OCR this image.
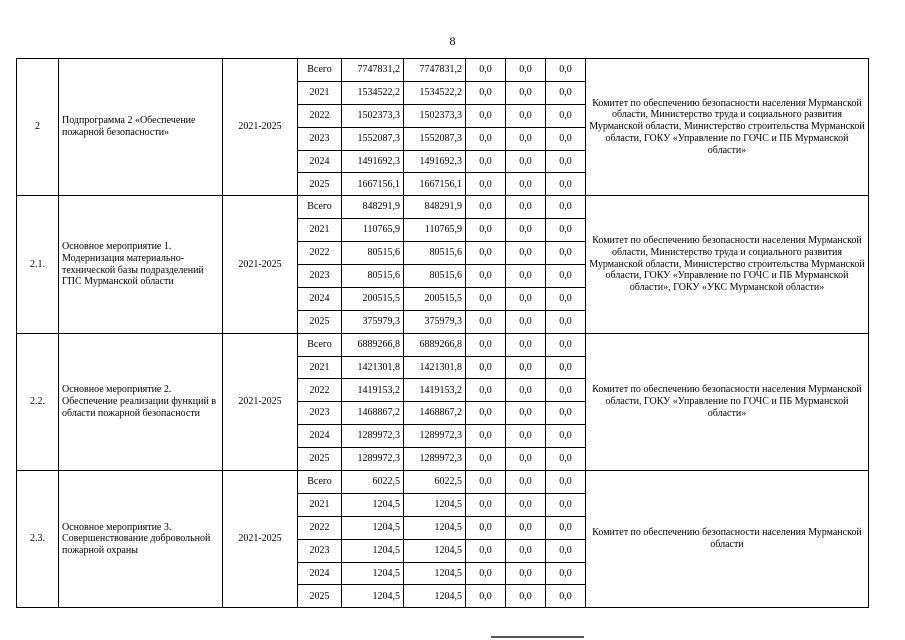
8
2	Подпрограмма 2 «Обеспечение пожарной безопасности»	2021-2025	Всего	7747831,2	7747831,2	0,0	0,0	0,0	Комитет по обеспечению безопасности населения Мурманской области, Министерство труда и социального развития Мурманской области, Министерство строительства Мурманской области, ГОКУ «Управление по ГОЧС и ПБ Мурманской области»
			2021	1534522,2	1534522,2	0,0	0,0	0,0	
			2022	1502373,3	1502373,3	0,0	0,0	0,0	
			2023	1552087,3	1552087,3	0,0	0,0	0,0	
			2024	1491692,3	1491692,3	0,0	0,0	0,0	
			2025	1667156,1	1667156,1	0,0	0,0	0,0	
2.1.	Основное мероприятие 1. Модернизация материально-технической базы подразделений ГПС Мурманской области	2021-2025	Всего	848291,9	848291,9	0,0	0,0	0,0	Комитет по обеспечению безопасности населения Мурманской области, Министерство труда и социального развития Мурманской области, Министерство строительства Мурманской области, ГОКУ «Управление по ГОЧС и ПБ Мурманской области», ГОКУ «УКС Мурманской области»
			2021	110765,9	110765,9	0,0	0,0	0,0	
			2022	80515,6	80515,6	0,0	0,0	0,0	
			2023	80515,6	80515,6	0,0	0,0	0,0	
			2024	200515,5	200515,5	0,0	0,0	0,0	
			2025	375979,3	375979,3	0,0	0,0	0,0	
2.2.	Основное мероприятие 2. Обеспечение реализации функций в области пожарной безопасности	2021-2025	Всего	6889266,8	6889266,8	0,0	0,0	0,0	Комитет по обеспечению безопасности населения Мурманской области, ГОКУ «Управление по ГОЧС и ПБ Мурманской области»
			2021	1421301,8	1421301,8	0,0	0,0	0,0	
			2022	1419153,2	1419153,2	0,0	0,0	0,0	
			2023	1468867,2	1468867,2	0,0	0,0	0,0	
			2024	1289972,3	1289972,3	0,0	0,0	0,0	
			2025	1289972,3	1289972,3	0,0	0,0	0,0	
2.3.	Основное мероприятие 3. Совершенствование добровольной пожарной охраны	2021-2025	Всего	6022,5	6022,5	0,0	0,0	0,0	Комитет по обеспечению безопасности населения Мурманской области
			2021	1204,5	1204,5	0,0	0,0	0,0	
			2022	1204,5	1204,5	0,0	0,0	0,0	
			2023	1204,5	1204,5	0,0	0,0	0,0	
			2024	1204,5	1204,5	0,0	0,0	0,0	
			2025	1204,5	1204,5	0,0	0,0	0,0	
